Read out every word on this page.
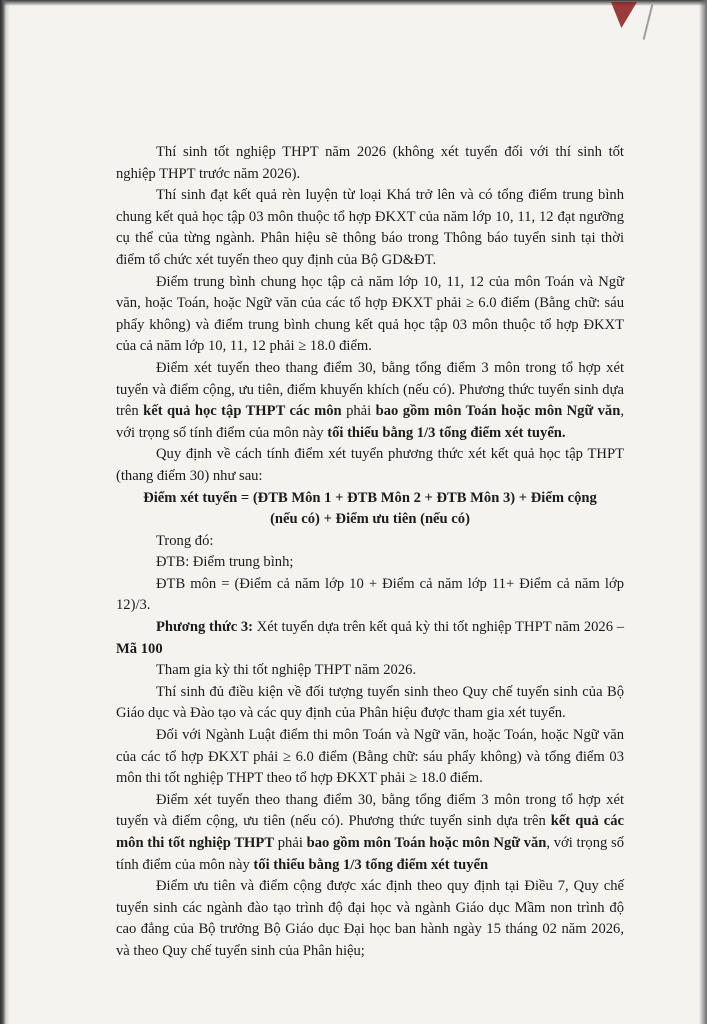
Thí sinh tốt nghiệp THPT năm 2026 (không xét tuyển đối với thí sinh tốt nghiệp THPT trước năm 2026).

Thí sinh đạt kết quả rèn luyện từ loại Khá trở lên và có tổng điểm trung bình chung kết quả học tập 03 môn thuộc tổ hợp ĐKXT của năm lớp 10, 11, 12 đạt ngưỡng cụ thể của từng ngành. Phân hiệu sẽ thông báo trong Thông báo tuyển sinh tại thời điểm tổ chức xét tuyển theo quy định của Bộ GD&ĐT.

Điểm trung bình chung học tập cả năm lớp 10, 11, 12 của môn Toán và Ngữ văn, hoặc Toán, hoặc Ngữ văn của các tổ hợp ĐKXT phải ≥ 6.0 điểm (Bằng chữ: sáu phẩy không) và điểm trung bình chung kết quả học tập 03 môn thuộc tổ hợp ĐKXT của cả năm lớp 10, 11, 12 phải ≥ 18.0 điểm.

Điểm xét tuyển theo thang điểm 30, bằng tổng điểm 3 môn trong tổ hợp xét tuyển và điểm cộng, ưu tiên, điểm khuyến khích (nếu có). Phương thức tuyển sinh dựa trên kết quả học tập THPT các môn phải bao gồm môn Toán hoặc môn Ngữ văn, với trọng số tính điểm của môn này tối thiểu bằng 1/3 tổng điểm xét tuyển.

Quy định về cách tính điểm xét tuyển phương thức xét kết quả học tập THPT (thang điểm 30) như sau:

Điểm xét tuyển = (ĐTB Môn 1 + ĐTB Môn 2 + ĐTB Môn 3) + Điểm cộng

(nếu có) + Điểm ưu tiên (nếu có)

Trong đó:

ĐTB: Điểm trung bình;

ĐTB môn = (Điểm cả năm lớp 10 + Điểm cả năm lớp 11+ Điểm cả năm lớp 12)/3.

Phương thức 3: Xét tuyển dựa trên kết quả kỳ thi tốt nghiệp THPT năm 2026 – Mã 100

Tham gia kỳ thi tốt nghiệp THPT năm 2026.

Thí sinh đủ điều kiện về đối tượng tuyển sinh theo Quy chế tuyển sinh của Bộ Giáo dục và Đào tạo và các quy định của Phân hiệu được tham gia xét tuyển.

Đối với Ngành Luật điểm thi môn Toán và Ngữ văn, hoặc Toán, hoặc Ngữ văn của các tổ hợp ĐKXT phải ≥ 6.0 điểm (Bằng chữ: sáu phẩy không) và tổng điểm 03 môn thi tốt nghiệp THPT theo tổ hợp ĐKXT phải ≥ 18.0 điểm.

Điểm xét tuyển theo thang điểm 30, bằng tổng điểm 3 môn trong tổ hợp xét tuyển và điểm cộng, ưu tiên (nếu có). Phương thức tuyển sinh dựa trên kết quả các môn thi tốt nghiệp THPT phải bao gồm môn Toán hoặc môn Ngữ văn, với trọng số tính điểm của môn này tối thiểu bằng 1/3 tổng điểm xét tuyển

Điểm ưu tiên và điểm cộng được xác định theo quy định tại Điều 7, Quy chế tuyển sinh các ngành đào tạo trình độ đại học và ngành Giáo dục Mầm non trình độ cao đẳng của Bộ trưởng Bộ Giáo dục Đại học ban hành ngày 15 tháng 02 năm 2026, và theo Quy chế tuyển sinh của Phân hiệu;
